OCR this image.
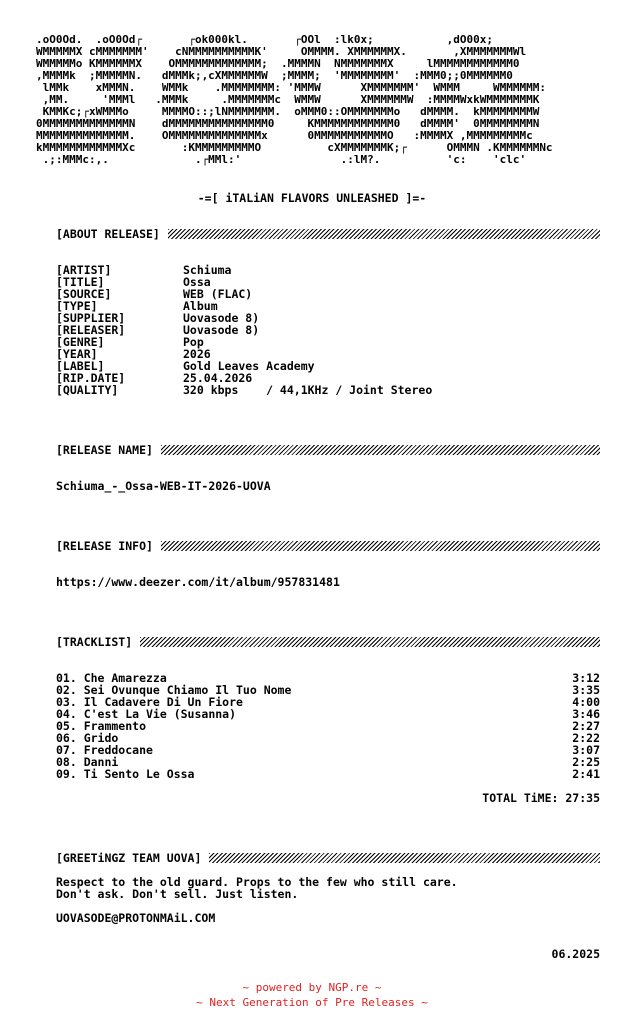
.oO0Od.  .oO0Od┌       ┌ok000kl.       ┌OOl  :lk0x;           ,dO00x;
WMMMMMX cMMMMMMM'    cNMMMMMMMMMMK'     OMMMM. XMMMMMMX.       ,XMMMMMMMWl
WMMMMMo KMMMMMMX    OMMMMMMMMMMMMM;  .MMMMN  NMMMMMMMX     lMMMMMMMMMMMM0
,MMMMk  ;MMMMMN.   dMMMk;,cXMMMMMMW  ;MMMM;  'MMMMMMMM'  :MMM0;;0MMMMMM0
lMMk    xMMMN.    WMMk    .MMMMMMMM: 'MMMW      XMMMMMMM'  WMMM     WMMMMMM:
,MM.     'MMMl   .MMMk     .MMMMMMMc  WMMW      XMMMMMMW  :MMMMWxkWMMMMMMMK
KMMKc;┌xWMMMo     MMMMO::;lNMMMMMMM.  oMMM0::OMMMMMMMo   dMMMM.  kMMMMMMMMW
0MMMMMMMMMMMMMN    dMMMMMMMMMMMMMMM0     KMMMMMMMMMMMM0   dMMMM'  0MMMMMMMMN
MMMMMMMMMMMMMM.    OMMMMMMMMMMMMMMx      0MMMMMMMMMMMO   :MMMMX ,MMMMMMMMMc
kMMMMMMMMMMMMXc       :KMMMMMMMMMO          cXMMMMMMMK;┌      OMMMN .KMMMMMMNc
.;:MMMc:,.             .┌MMl:'               .:lM?.          'c:    'clc'
-=[ iTALiAN FLAVORS UNLEASHED ]=-
[ABOUT RELEASE]
[ARTIST]	Schiuma
[TITLE]	Ossa
[SOURCE]	WEB (FLAC)
[TYPE]	Album
[SUPPLIER]	Uovasode 8)
[RELEASER]	Uovasode 8)
[GENRE]	Pop
[YEAR]	2026
[LABEL]	Gold Leaves Academy
[RIP.DATE]	25.04.2026
[QUALITY]	320 kbps    / 44,1KHz / Joint Stereo
[RELEASE NAME]
Schiuma_-_Ossa-WEB-IT-2026-UOVA
[RELEASE INFO]
https://www.deezer.com/it/album/957831481
[TRACKLIST]
01. Che Amarezza	3:12
02. Sei Ovunque Chiamo Il Tuo Nome	3:35
03. Il Cadavere Di Un Fiore	4:00
04. C'est La Vie (Susanna)	3:46
05. Frammento	2:27
06. Grido	2:22
07. Freddocane	3:07
08. Danni	2:25
09. Ti Sento Le Ossa	2:41
TOTAL TiME: 27:35
[GREETiNGZ TEAM UOVA]
Respect to the old guard. Props to the few who still care.
Don't ask. Don't sell. Just listen.
UOVASODE@PROTONMAiL.COM
06.2025
~ powered by NGP.re ~
~ Next Generation of Pre Releases ~
